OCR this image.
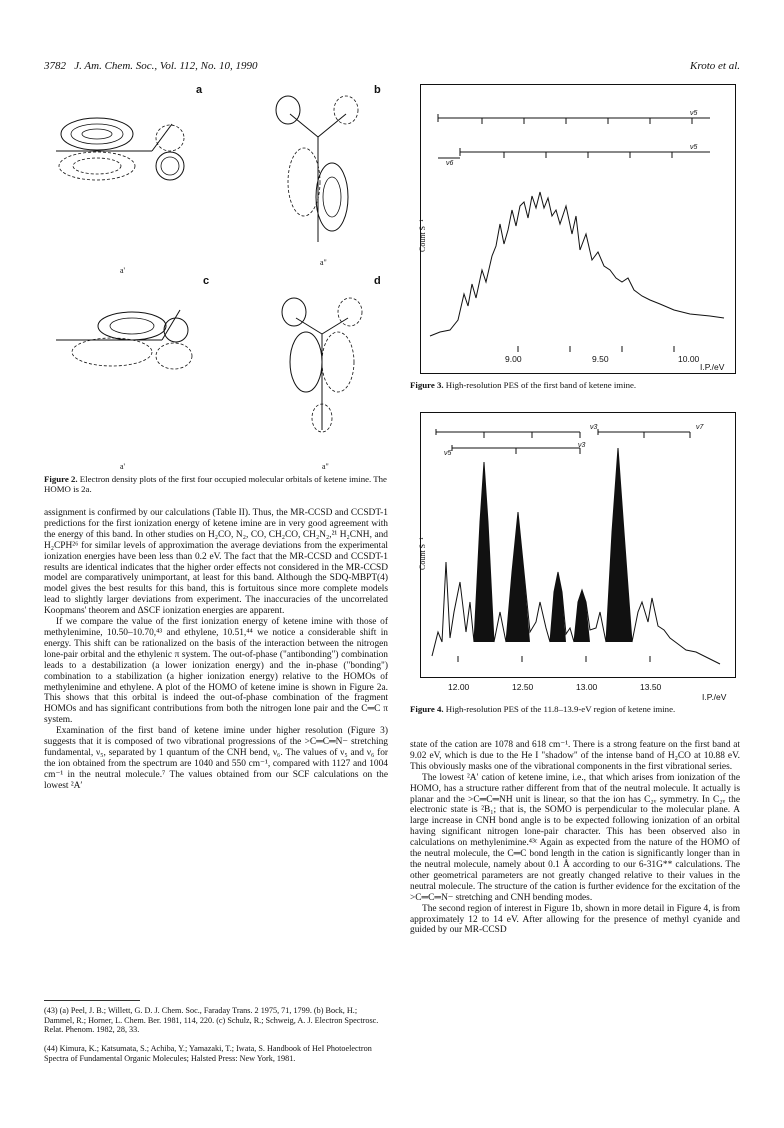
3782 J. Am. Chem. Soc., Vol. 112, No. 10, 1990	Kroto et al.
a	b
c	d
a'
a"
a'	a"
Figure 2. Electron density plots of the first four occupied molecular orbitals of ketene imine. The HOMO is 2a.

assignment is confirmed by our calculations (Table II). Thus, the MR-CCSD and CCSDT-1 predictions for the first ionization energy of ketene imine are in very good agreement with the energy of this band. In other studies on H₂CO, N₂, CO, CH₂CO, CH₂N₂,²¹ H₂CNH, and H₂CPH²⁶ for similar levels of approximation the average deviations from the experimental ionization energies have been less than 0.2 eV. The fact that the MR-CCSD and CCSDT-1 results are identical indicates that the higher order effects not considered in the MR-CCSD model are comparatively unimportant, at least for this band. Although the SDQ-MBPT(4) model gives the best results for this band, this is fortuitous since more complete models lead to slightly larger deviations from experiment. The inaccuracies of the uncorrelated Koopmans' theorem and ΔSCF ionization energies are apparent.

If we compare the value of the first ionization energy of ketene imine with those of methylenimine, 10.50–10.70,⁴³ and ethylene, 10.51,⁴⁴ we notice a considerable shift in energy. This shift can be rationalized on the basis of the interaction between the nitrogen lone-pair orbital and the ethylenic π system. The out-of-phase ("antibonding") combination leads to a destabilization (a lower ionization energy) and the in-phase ("bonding") combination to a stabilization (a higher ionization energy) relative to the HOMOs of methylenimine and ethylene. A plot of the HOMO of ketene imine is shown in Figure 2a. This shows that this orbital is indeed the out-of-phase combination of the fragment HOMOs and has significant contributions from both the nitrogen lone pair and the C═C π system.

Examination of the first band of ketene imine under higher resolution (Figure 3) suggests that it is composed of two vibrational progressions of the >C═C═N− stretching fundamental, ν₅, separated by 1 quantum of the CNH bend, ν₆. The values of ν₅ and ν₆ for the ion obtained from the spectrum are 1040 and 550 cm⁻¹, compared with 1127 and 1004 cm⁻¹ in the neutral molecule.⁷ The values obtained from our SCF calculations on the lowest ²A′

(43) (a) Peel, J. B.; Willett, G. D. J. Chem. Soc., Faraday Trans. 2 1975, 71, 1799. (b) Bock, H.; Dammel, R.; Horner, L. Chem. Ber. 1981, 114, 220. (c) Schulz, R.; Schweig, A. J. Electron Spectrosc. Relat. Phenom. 1982, 28, 33.
(44) Kimura, K.; Katsumata, S.; Achiba, Y.; Yamazaki, T.; Iwata, S. Handbook of HeI Photoelectron Spectra of Fundamental Organic Molecules; Halsted Press: New York, 1981.
ν5
ν5
ν6
Count S⁻¹
9.00	9.50	10.00
I.P./eV
Figure 3. High-resolution PES of the first band of ketene imine.
ν3	ν7
ν3
ν5
Count S⁻¹
12.00	12.50	13.00	13.50
I.P./eV
Figure 4. High-resolution PES of the 11.8–13.9-eV region of ketene imine.

state of the cation are 1078 and 618 cm⁻¹. There is a strong feature on the first band at 9.02 eV, which is due to the He I "shadow" of the intense band of H₂CO at 10.88 eV. This obviously masks one of the vibrational components in the first vibrational series.

The lowest ²A′ cation of ketene imine, i.e., that which arises from ionization of the HOMO, has a structure rather different from that of the neutral molecule. It actually is planar and the >C═C═NH unit is linear, so that the ion has C₂ᵥ symmetry. In C₂ᵥ the electronic state is ²B₁; that is, the SOMO is perpendicular to the molecular plane. A large increase in CNH bond angle is to be expected following ionization of an orbital having significant nitrogen lone-pair character. This has been observed also in calculations on methylenimine.⁴³ᶜ Again as expected from the nature of the HOMO of the neutral molecule, the C═C bond length in the cation is significantly longer than in the neutral molecule, namely about 0.1 Å according to our 6-31G** calculations. The other geometrical parameters are not greatly changed relative to their values in the neutral molecule. The structure of the cation is further evidence for the excitation of the >C═C═N− stretching and CNH bending modes.

The second region of interest in Figure 1b, shown in more detail in Figure 4, is from approximately 12 to 14 eV. After allowing for the presence of methyl cyanide and guided by our MR-CCSD
